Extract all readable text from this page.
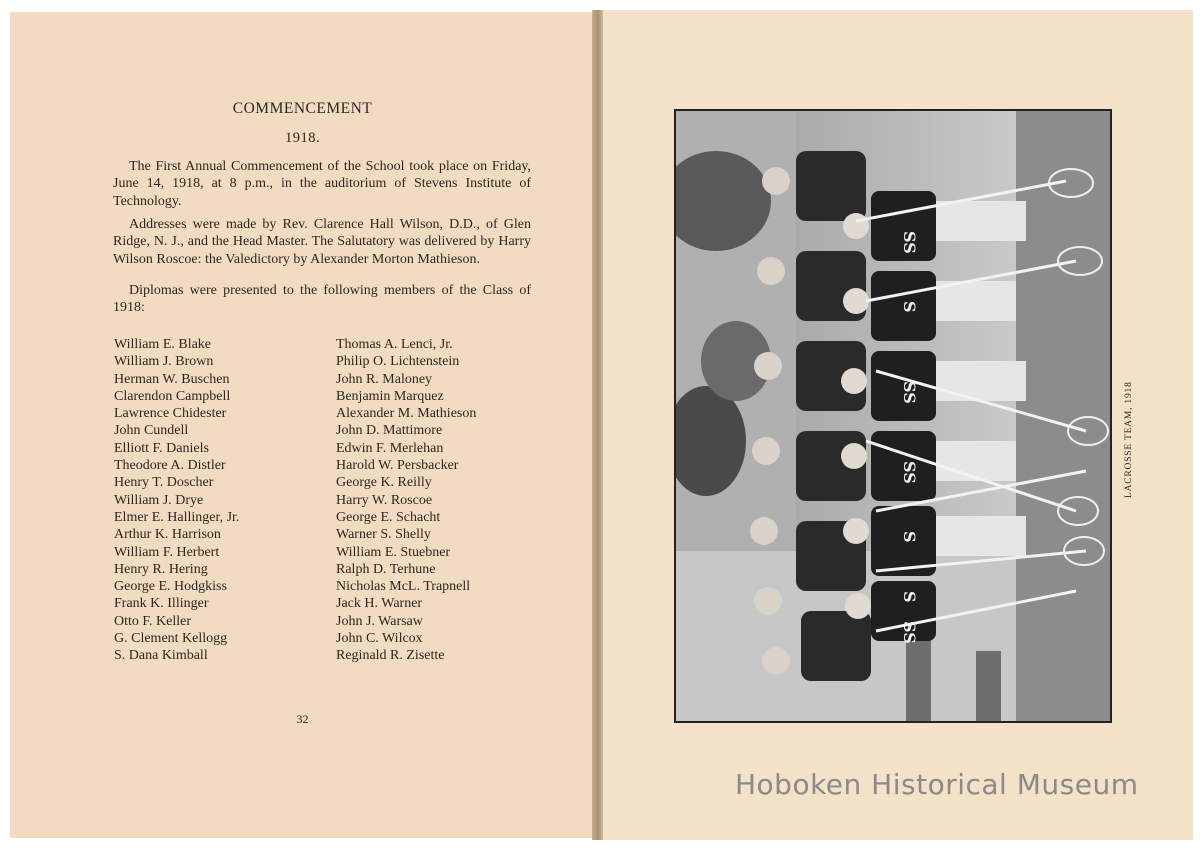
COMMENCEMENT
1918.

The First Annual Commencement of the School took place on Friday, June 14, 1918, at 8 p.m., in the auditorium of Stevens Institute of Technology.

Addresses were made by Rev. Clarence Hall Wilson, D.D., of Glen Ridge, N. J., and the Head Master. The Salutatory was delivered by Harry Wilson Roscoe: the Valedictory by Alexander Morton Mathieson.

Diplomas were presented to the following members of the Class of 1918:

William E. Blake
William J. Brown
Herman W. Buschen
Clarendon Campbell
Lawrence Chidester
John Cundell
Elliott F. Daniels
Theodore A. Distler
Henry T. Doscher
William J. Drye
Elmer E. Hallinger, Jr.
Arthur K. Harrison
William F. Herbert
Henry R. Hering
George E. Hodgkiss
Frank K. Illinger
Otto F. Keller
G. Clement Kellogg
S. Dana Kimball
Thomas A. Lenci, Jr.
Philip O. Lichtenstein
John R. Maloney
Benjamin Marquez
Alexander M. Mathieson
John D. Mattimore
Edwin F. Merlehan
Harold W. Persbacker
George K. Reilly
Harry W. Roscoe
George E. Schacht
Warner S. Shelly
William E. Stuebner
Ralph D. Terhune
Nicholas McL. Trapnell
Jack H. Warner
John J. Warsaw
John C. Wilcox
Reginald R. Zisette
32
SS
S
SS
SS
S
S
SS
LACROSSE TEAM, 1918
Hoboken Historical Museum
